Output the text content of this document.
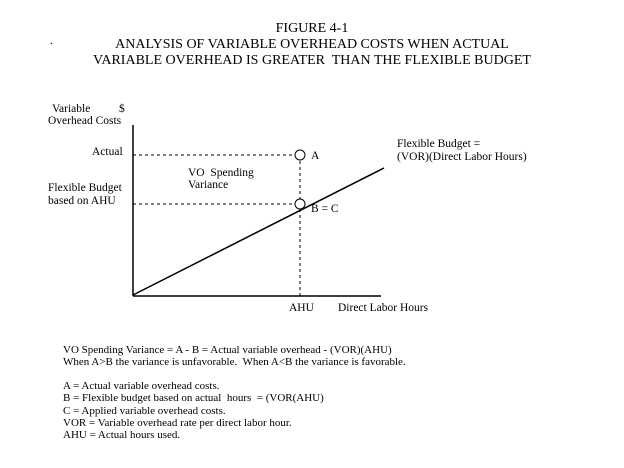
FIGURE 4-1
ANALYSIS OF VARIABLE OVERHEAD COSTS WHEN ACTUAL
VARIABLE OVERHEAD IS GREATER  THAN THE FLEXIBLE BUDGET
.
Variable $
Overhead Costs
Actual
Flexible Budget
based on AHU
AHU Direct Labor Hours
A
B = C
VO  Spending
Variance
Flexible Budget =
(VOR)(Direct Labor Hours)
VO Spending Variance = A - B = Actual variable overhead - (VOR)(AHU)
When A>B the variance is unfavorable.  When A<B the variance is favorable.
A = Actual variable overhead costs.
B = Flexible budget based on actual  hours  = (VOR(AHU)
C = Applied variable overhead costs.
VOR = Variable overhead rate per direct labor hour.
AHU = Actual hours used.
